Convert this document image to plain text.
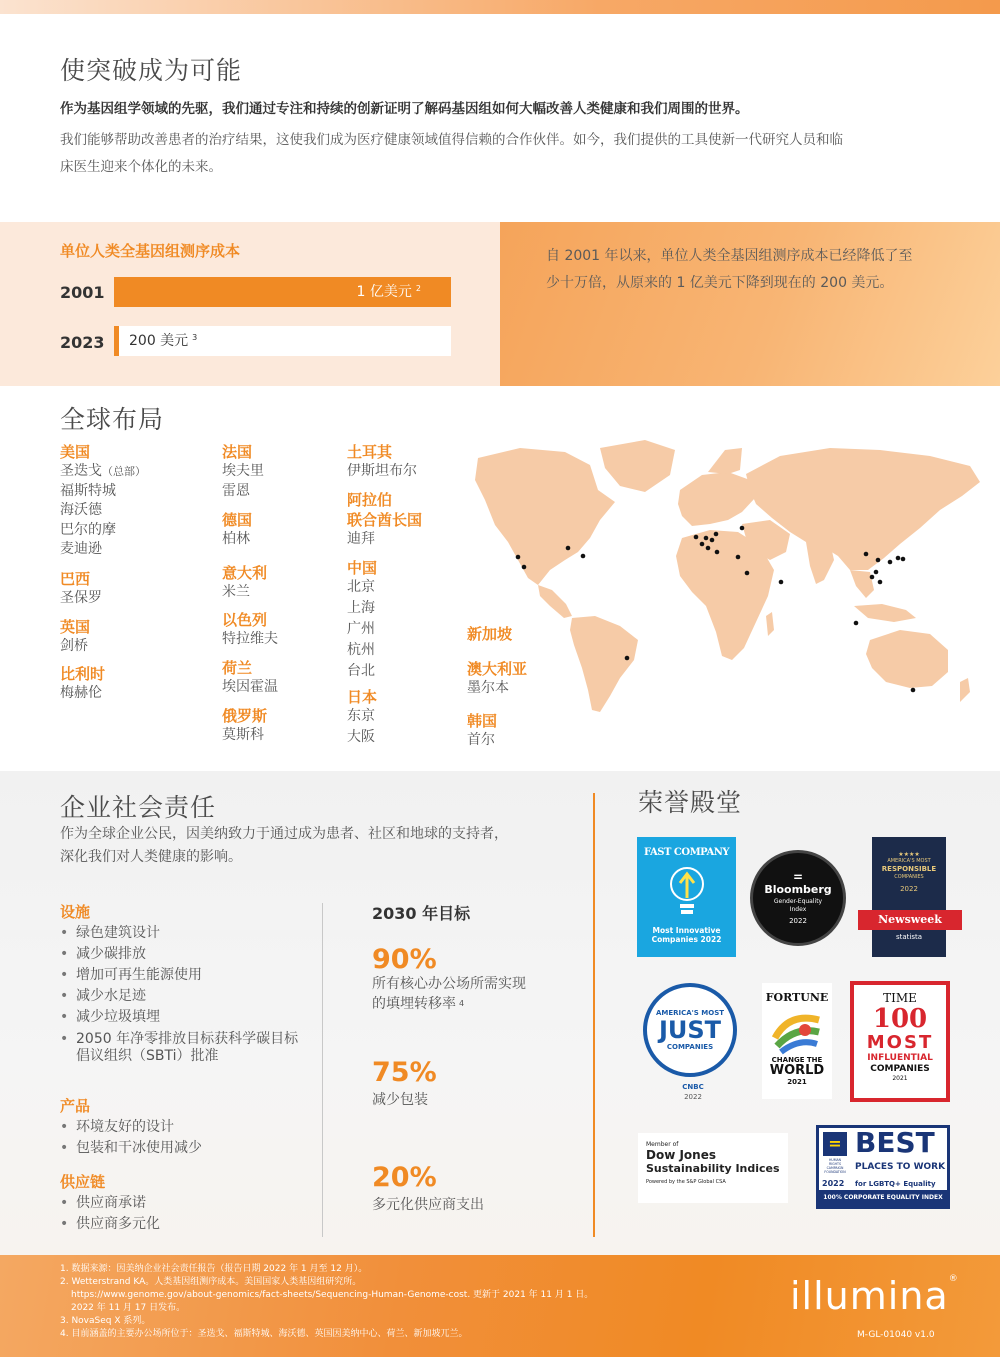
使突破成为可能

作为基因组学领域的先驱，我们通过专注和持续的创新证明了解码基因组如何大幅改善人类健康和我们周围的世界。

我们能够帮助改善患者的治疗结果，这使我们成为医疗健康领域值得信赖的合作伙伴。如今，我们提供的工具使新一代研究人员和临

床医生迎来个体化的未来。

单位人类全基因组测序成本
2001	1 亿美元 $^2$
2023	200 美元 $^3$

自 2001 年以来，单位人类全基因组测序成本已经降低了至

少十万倍，从原来的 1 亿美元下降到现在的 200 美元。

全球布局
美国
圣迭戈（总部）
福斯特城
海沃德
巴尔的摩
麦迪逊
巴西
圣保罗
英国
剑桥
比利时
梅赫伦
法国
埃夫里
雷恩
德国
柏林
意大利
米兰
以色列
特拉维夫
荷兰
埃因霍温
俄罗斯
莫斯科
土耳其
伊斯坦布尔
阿拉伯
联合酋长国
迪拜
中国
北京
上海
广州
杭州
台北
日本
东京
大阪
新加坡
澳大利亚
墨尔本
韩国
首尔
企业社会责任

作为全球企业公民，因美纳致力于通过成为患者、社区和地球的支持者，

深化我们对人类健康的影响。

设施
• 绿色建筑设计
• 减少碳排放
• 增加可再生能源使用
• 减少水足迹
• 减少垃圾填埋
• 2050 年净零排放目标获科学碳目标
倡议组织（SBTi）批准
产品
• 环境友好的设计
• 包装和干冰使用减少
供应链
• 供应商承诺
• 供应商多元化
2030 年目标
90%
所有核心办公场所需实现
的填埋转移率 $^4$
75%
减少包装
20%
多元化供应商支出
荣誉殿堂
FAST COMPANY
Most Innovative
Companies 2022
=
Bloomberg
Gender-Equality
Index
2022
★★★★
AMERICA'S MOST
RESPONSIBLE
COMPANIES
2022
Newsweek
statista
AMERICA'S MOST
JUST
COMPANIES
CNBC
2022
FORTUNE
CHANGE THE
WORLD
2021
TIME
100
MOST
INFLUENTIAL
COMPANIES
2021
Member of
Dow Jones
Sustainability Indices
Powered by the S&P Global CSA
=
HUMAN RIGHTS CAMPAIGN FOUNDATION
BEST
PLACES TO WORK
2022 for LGBTQ+ Equality
100% CORPORATE EQUALITY INDEX
1. 数据来源：因美纳企业社会责任报告（报告日期 2022 年 1 月至 12 月）。
2. Wetterstrand KA。人类基因组测序成本。美国国家人类基因组研究所。
https://www.genome.gov/about-genomics/fact-sheets/Sequencing-Human-Genome-cost. 更新于 2021 年 11 月 1 日。
2022 年 11 月 17 日发布。
3. NovaSeq X 系列。
4. 目前涵盖的主要办公场所位于：圣迭戈、福斯特城、海沃德、英国因美纳中心、荷兰、新加坡兀兰。
illumina®
M-GL-01040 v1.0
